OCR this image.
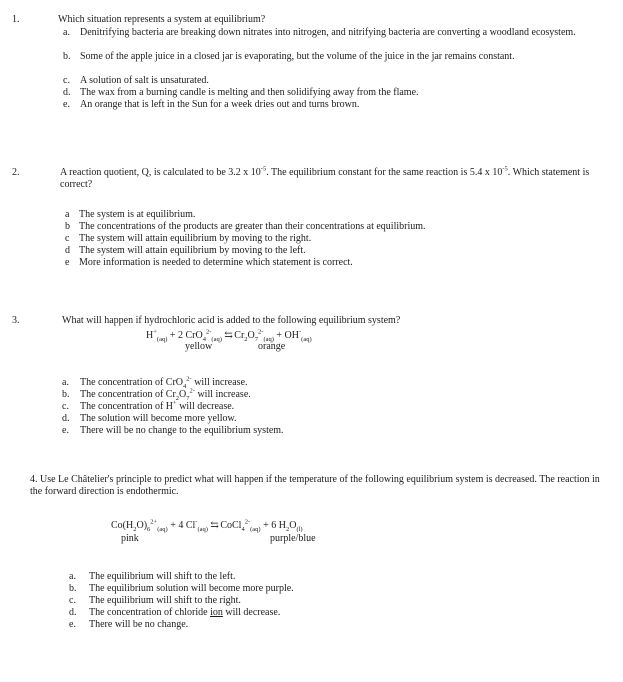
1.	Which situation represents a system at equilibrium?
a.	Denitrifying bacteria are breaking down nitrates into nitrogen, and nitrifying bacteria are converting a woodland ecosystem.
b. Some of the apple juice in a closed jar is evaporating, but the volume of the juice in the jar remains constant.
c.	A solution of salt is unsaturated.
d. The wax from a burning candle is melting and then solidifying away from the flame.
e.	An orange that is left in the Sun for a week dries out and turns brown.
2.	A reaction quotient, Q, is calculated to be 3.2 x $10^{-5}$. The equilibrium constant for the same reaction is 5.4 x $10^{-5}$. Which statement is correct?
a The system is at equilibrium.
b The concentrations of the products are greater than their concentrations at equilibrium.
c The system will attain equilibrium by moving to the right.
d The system will attain equilibrium by moving to the left.
e More information is needed to determine which statement is correct.
3.	What will happen if hydrochloric acid is added to the following equilibrium system?
$H^+_{(aq)} + 2$ CrO$_4^{2-}_{(aq)}$ ⇆ $Cr_2O_7^{2-}_{(aq)} + OH^-_{(aq)}$
yellow	orange
a.	The concentration of CrO$_4^{2-}$ will increase.
b.	The concentration of $Cr_2O_7^{2-}$ will increase.
c.	The concentration of H+ will decrease.
d.	The solution will become more yellow.
e.	There will be no change to the equilibrium system.
4. Use Le Châtelier's principle to predict what will happen if the temperature of the following equilibrium system is decreased. The reaction in the forward direction is endothermic.
$Co(H_2O)_6^{2+}_{(aq)} + 4$ $Cl^-_{(aq)}$ ⇆ CoCl$_4^{2-}_{(aq)}$ + 6 $H_2O_{(l)}$
pink	purple/blue
a.	The equilibrium will shift to the left.
b.	The equilibrium solution will become more purple.
c.	The equilibrium will shift to the right.
d.	The concentration of chloride ion will decrease.
e.	There will be no change.
